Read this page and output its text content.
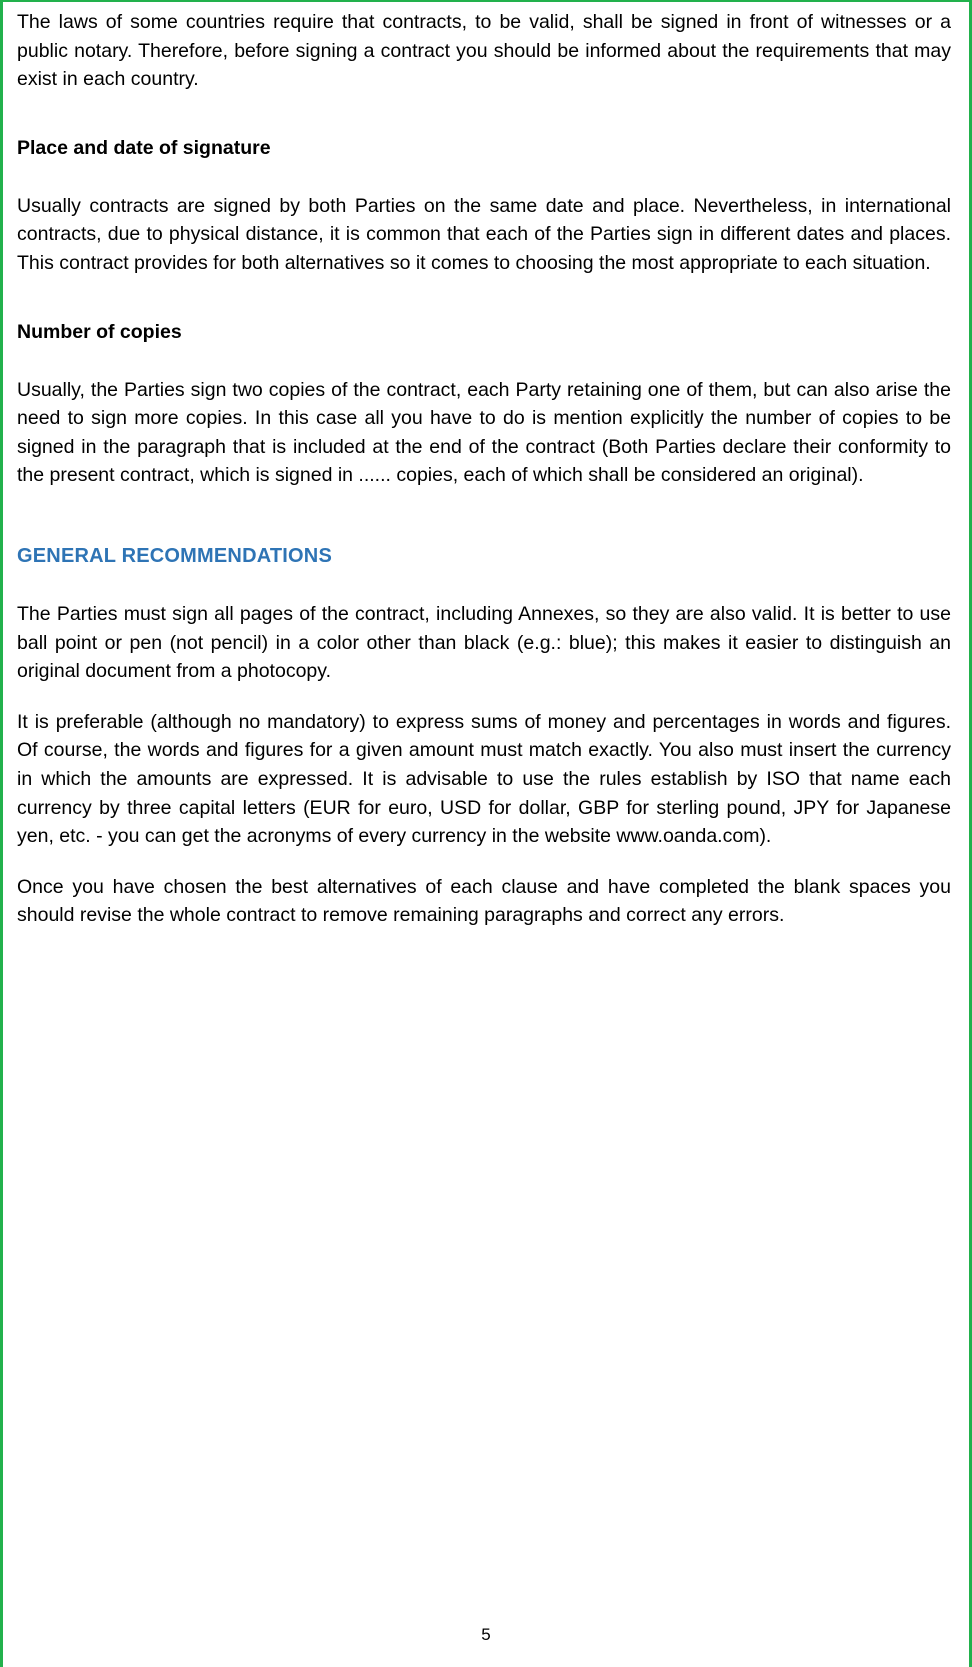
The laws of some countries require that contracts, to be valid, shall be signed in front of witnesses or a public notary. Therefore, before signing a contract you should be informed about the requirements that may exist in each country.

Place and date of signature

Usually contracts are signed by both Parties on the same date and place. Nevertheless, in international contracts, due to physical distance, it is common that each of the Parties sign in different dates and places. This contract provides for both alternatives so it comes to choosing the most appropriate to each situation.

Number of copies

Usually, the Parties sign two copies of the contract, each Party retaining one of them, but can also arise the need to sign more copies. In this case all you have to do is mention explicitly the number of copies to be signed in the paragraph that is included at the end of the contract (Both Parties declare their conformity to the present contract, which is signed in ...... copies, each of which shall be considered an original).

GENERAL RECOMMENDATIONS

The Parties must sign all pages of the contract, including Annexes, so they are also valid. It is better to use ball point or pen (not pencil) in a color other than black (e.g.: blue); this makes it easier to distinguish an original document from a photocopy.

It is preferable (although no mandatory) to express sums of money and percentages in words and figures. Of course, the words and figures for a given amount must match exactly. You also must insert the currency in which the amounts are expressed. It is advisable to use the rules establish by ISO that name each currency by three capital letters (EUR for euro, USD for dollar, GBP for sterling pound, JPY for Japanese yen, etc. - you can get the acronyms of every currency in the website www.oanda.com).

Once you have chosen the best alternatives of each clause and have completed the blank spaces you should revise the whole contract to remove remaining paragraphs and correct any errors.

5
